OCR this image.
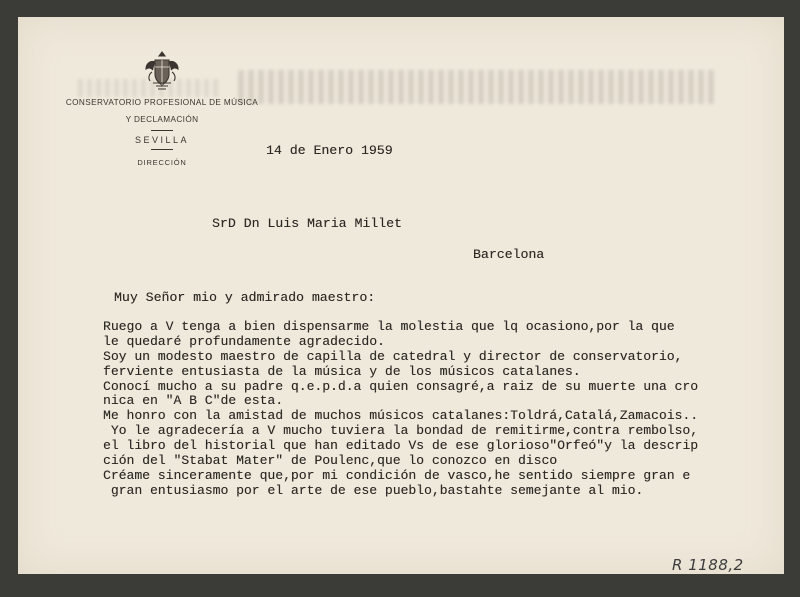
CONSERVATORIO PROFESIONAL DE MÚSICA
Y DECLAMACIÓN
SEVILLA
DIRECCIÓN
14 de Enero 1959
SrD Dn Luis Maria Millet
Barcelona
Muy Señor mio y admirado maestro:
Ruego a V tenga a bien dispensarme la molestia que lq ocasiono,por la que
le quedaré profundamente agradecido.
Soy un modesto maestro de capilla de catedral y director de conservatorio,
ferviente entusiasta de la música y de los músicos catalanes.
Conocí mucho a su padre q.e.p.d.a quien consagré,a raiz de su muerte una cro
nica en "A B C"de esta.
Me honro con la amistad de muchos músicos catalanes:Toldrá,Catalá,Zamacois..
Yo le agradecería a V mucho tuviera la bondad de remitirme,contra rembolso,
el libro del historial que han editado Vs de ese glorioso"Orfeó"y la descrip
ción del "Stabat Mater" de Poulenc,que lo conozco en disco
Créame sinceramente que,por mi condición de vasco,he sentido siempre gran e
gran entusiasmo por el arte de ese pueblo,bastahte semejante al mio.
R 1188,2
